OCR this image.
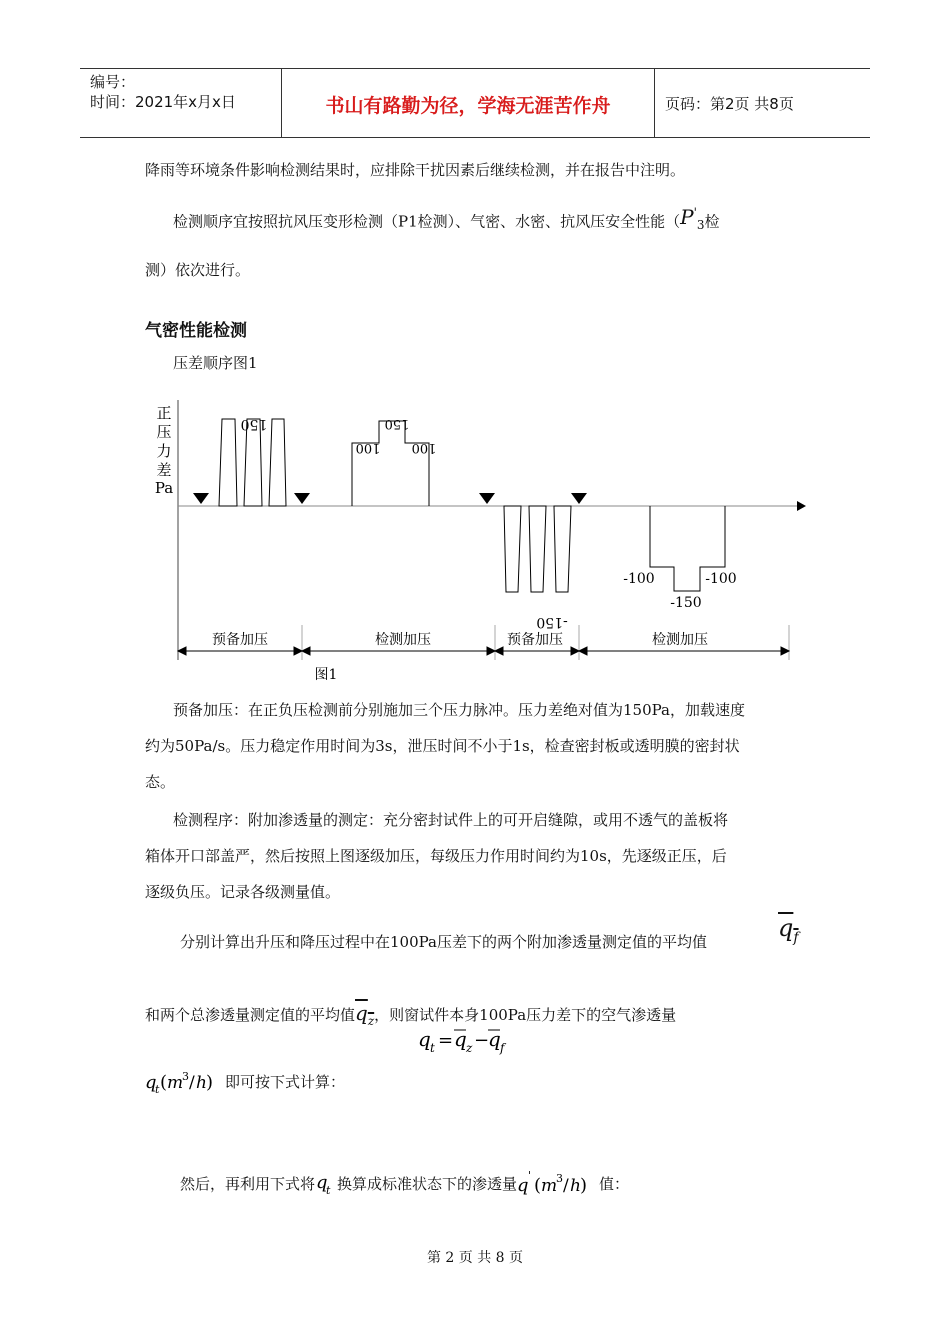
编号：
时间：2021年x月x日	书山有路勤为径，学海无涯苦作舟	页码：第2页 共8页
降雨等环境条件影响检测结果时，应排除干扰因素后继续检测，并在报告中注明。
检测顺序宜按照抗风压变形检测（P1检测）、气密、水密、抗风压安全性能（$P'_3$检
测）依次进行。
气密性能检测
压差顺序图1
正
压
力
差
Pa
150
100
150
100
-150
-100
-150
-100
预备加压	检测加压	预备加压	检测加压
图1
预备加压：在正负压检测前分别施加三个压力脉冲。压力差绝对值为150Pa，加载速度
约为50Pa/s。压力稳定作用时间为3s，泄压时间不小于1s，检查密封板或透明膜的密封状
态。
检测程序：附加渗透量的测定：充分密封试件上的可开启缝隙，或用不透气的盖板将
箱体开口部盖严，然后按照上图逐级加压，每级压力作用时间约为10s，先逐级正压，后
逐级负压。记录各级测量值。
分别计算出升压和降压过程中在100Pa压差下的两个附加渗透量测定值的平均值	$q_f$
和两个总渗透量测定值的平均值$q_z$，则窗试件本身100Pa压力差下的空气渗透量
q t = q z −
q f
q
t ( m
3 / h ) 即可按下式计算：
然后，再利用下式将 q
t 换算成标准状态下的渗透量 q ' ( m
3 / h ) 值：
第 2 页 共 8 页
